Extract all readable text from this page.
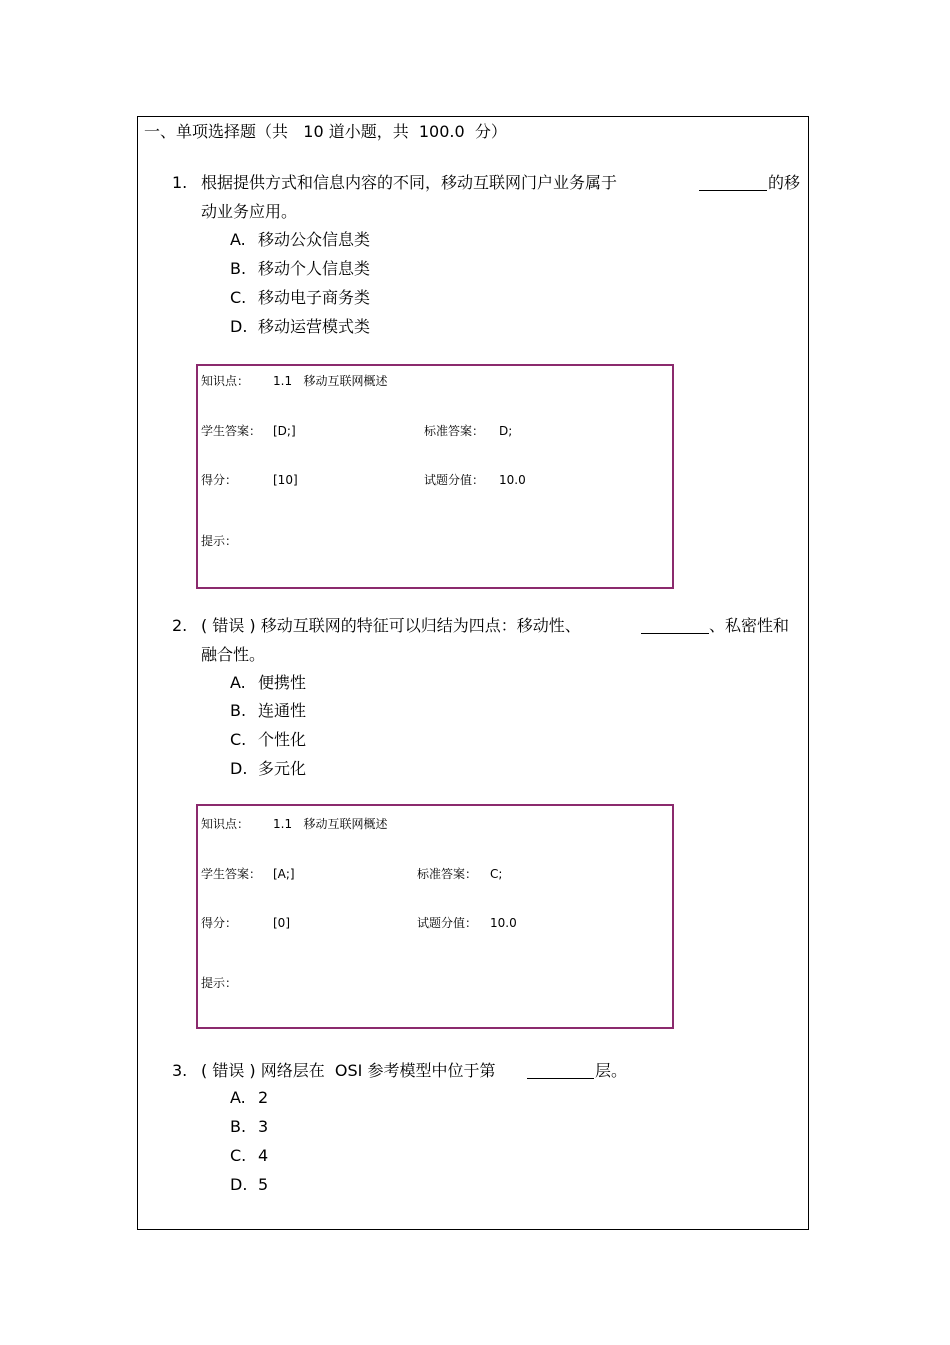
一、单项选择题（共   10 道小题，共  100.0  分）
1. 根据提供方式和信息内容的不同，移动互联网门户业务属于	的移
动业务应用。
A. 移动公众信息类
B. 移动个人信息类
C. 移动电子商务类
D. 移动运营模式类
知识点： 1.1   移动互联网概述
学生答案： [D;]	标准答案： D;
得分：	[10]	试题分值： 10.0
提示：
2. ( 错误 ) 移动互联网的特征可以归结为四点：移动性、	、私密性和
融合性。
A. 便携性
B. 连通性
C. 个性化
D. 多元化
知识点： 1.1   移动互联网概述
学生答案： [A;]	标准答案： C;
得分：	[0]	试题分值： 10.0
提示：
3. ( 错误 ) 网络层在  OSI 参考模型中位于第	层。
A. 2
B. 3
C. 4
D. 5
